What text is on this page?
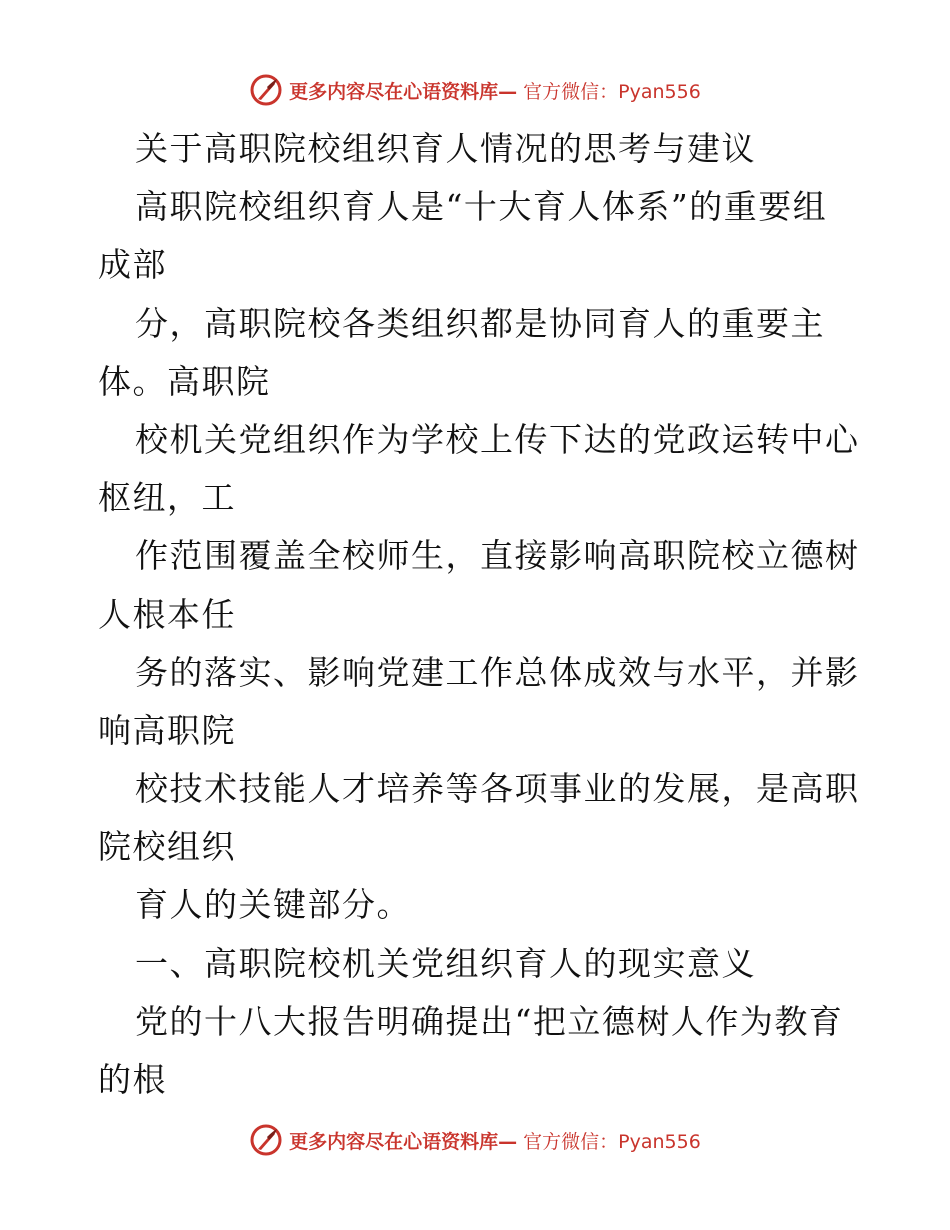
更多内容尽在心语资料库— 官方微信：Pyan556
关于高职院校组织育人情况的思考与建议
高职院校组织育人是“十大育人体系”的重要组
成部
分，高职院校各类组织都是协同育人的重要主
体。高职院
校机关党组织作为学校上传下达的党政运转中心
枢纽，工
作范围覆盖全校师生，直接影响高职院校立德树
人根本任
务的落实、影响党建工作总体成效与水平，并影
响高职院
校技术技能人才培养等各项事业的发展，是高职
院校组织
育人的关键部分。
一、高职院校机关党组织育人的现实意义
党的十八大报告明确提出“把立德树人作为教育
的根
更多内容尽在心语资料库— 官方微信：Pyan556
